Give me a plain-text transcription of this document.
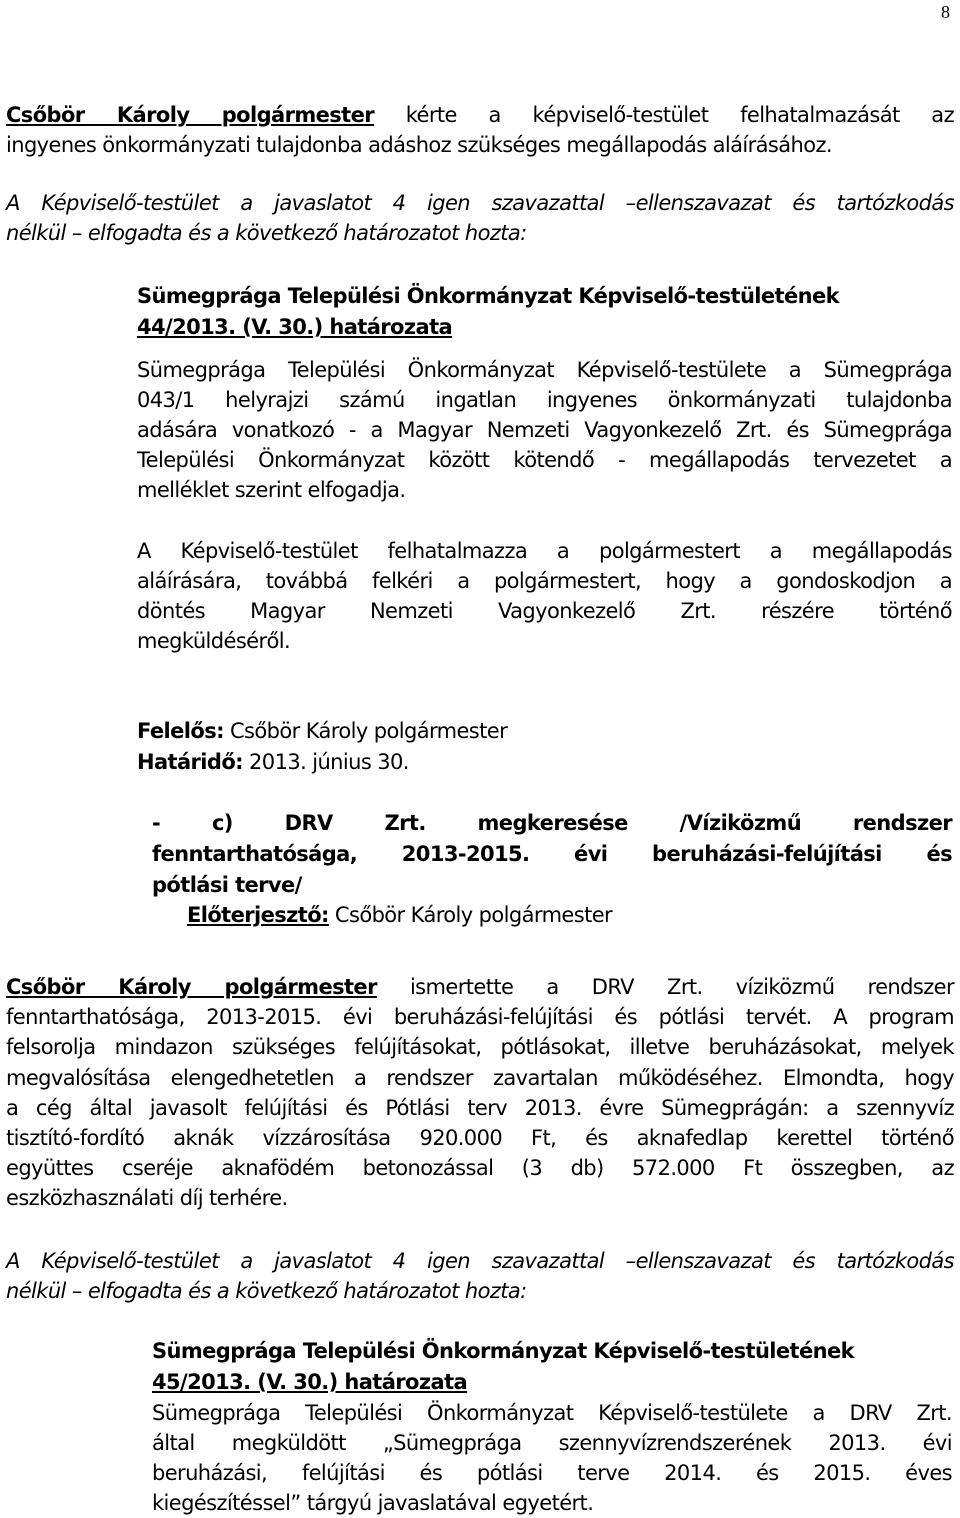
8
Csőbör Károly polgármester kérte a képviselő-testület felhatalmazását az
ingyenes önkormányzati tulajdonba adáshoz szükséges megállapodás aláírásához.
A Képviselő-testület a javaslatot 4 igen szavazattal –ellenszavazat és tartózkodás
nélkül – elfogadta és a következő határozatot hozta:
Sümegprága Települési Önkormányzat Képviselő-testületének
44/2013. (V. 30.) határozata
Sümegprága Települési Önkormányzat Képviselő-testülete a Sümegprága
043/1 helyrajzi számú ingatlan ingyenes önkormányzati tulajdonba
adására vonatkozó - a Magyar Nemzeti Vagyonkezelő Zrt. és Sümegprága
Települési Önkormányzat között kötendő - megállapodás tervezetet a
melléklet szerint elfogadja.
A Képviselő-testület felhatalmazza a polgármestert a megállapodás
aláírására, továbbá felkéri a polgármestert, hogy a gondoskodjon a
döntés Magyar Nemzeti Vagyonkezelő Zrt. részére történő
megküldéséről.
Felelős: Csőbör Károly polgármester
Határidő: 2013. június 30.
- c) DRV Zrt. megkeresése /Víziközmű rendszer
fenntarthatósága, 2013-2015. évi beruházási-felújítási és
pótlási terve/
Előterjesztő: Csőbör Károly polgármester
Csőbör Károly polgármester ismertette a DRV Zrt. víziközmű rendszer
fenntarthatósága, 2013-2015. évi beruházási-felújítási és pótlási tervét. A program
felsorolja mindazon szükséges felújításokat, pótlásokat, illetve beruházásokat, melyek
megvalósítása elengedhetetlen a rendszer zavartalan működéséhez. Elmondta, hogy
a cég által javasolt felújítási és Pótlási terv 2013. évre Sümegprágán: a szennyvíz
tisztító-fordító aknák vízzárosítása 920.000 Ft, és aknafedlap kerettel történő
együttes cseréje aknafödém betonozással (3 db) 572.000 Ft összegben, az
eszközhasználati díj terhére.
A Képviselő-testület a javaslatot 4 igen szavazattal –ellenszavazat és tartózkodás
nélkül – elfogadta és a következő határozatot hozta:
Sümegprága Települési Önkormányzat Képviselő-testületének
45/2013. (V. 30.) határozata
Sümegprága Települési Önkormányzat Képviselő-testülete a DRV Zrt.
által megküldött „Sümegprága szennyvízrendszerének 2013. évi
beruházási, felújítási és pótlási terve 2014. és 2015. éves
kiegészítéssel” tárgyú javaslatával egyetért.
